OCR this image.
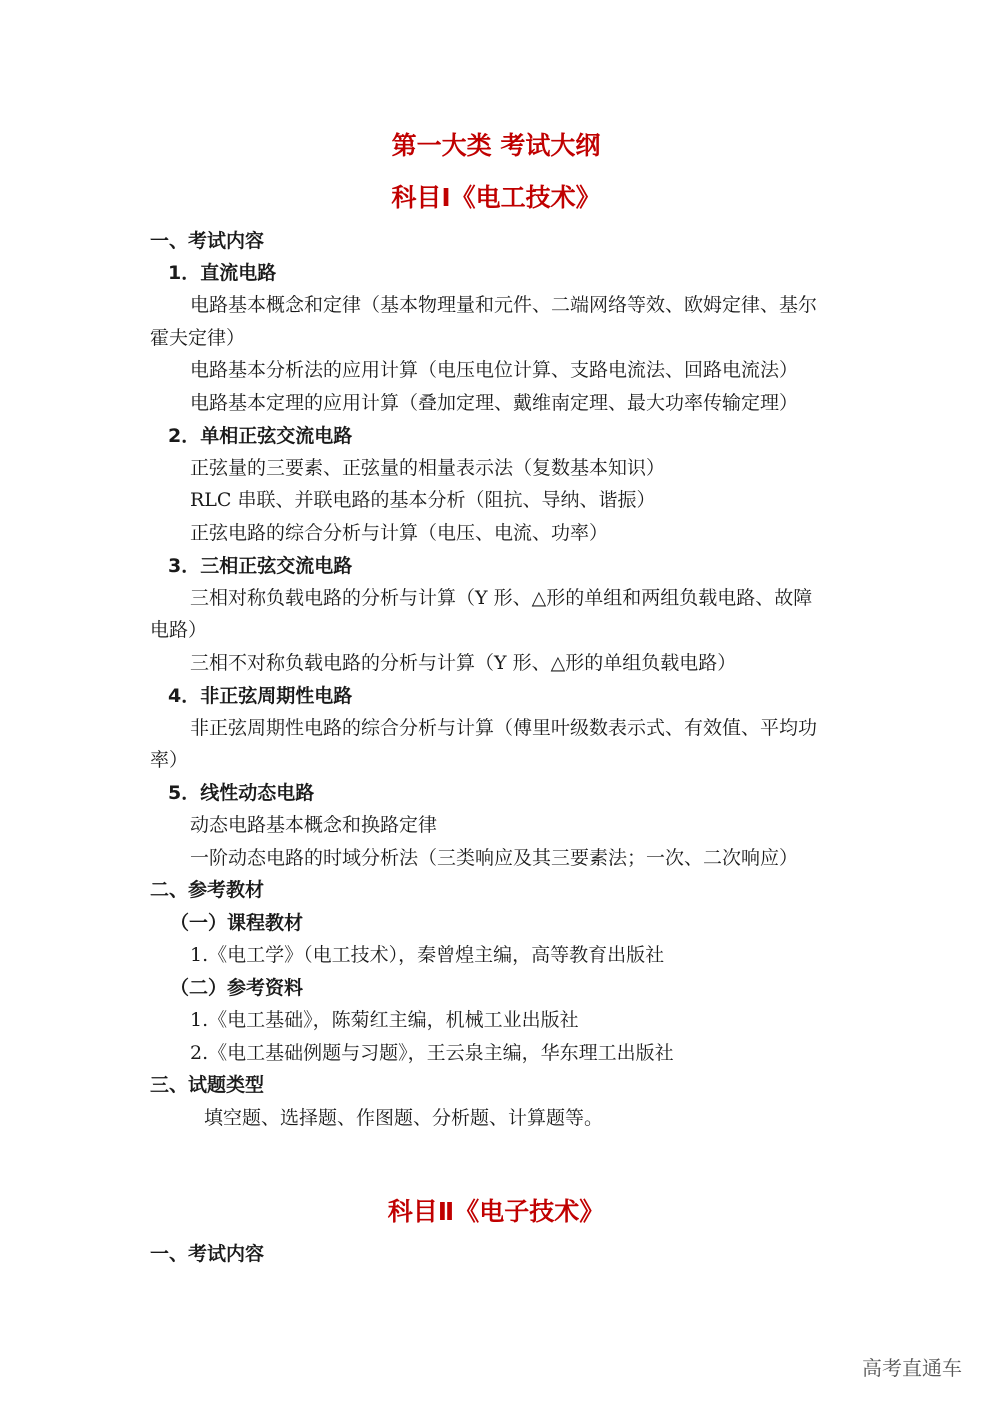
第一大类 考试大纲
科目Ⅰ《电工技术》
一、考试内容
1．直流电路
电路基本概念和定律（基本物理量和元件、二端网络等效、欧姆定律、基尔
霍夫定律）
电路基本分析法的应用计算（电压电位计算、支路电流法、回路电流法）
电路基本定理的应用计算（叠加定理、戴维南定理、最大功率传输定理）
2．单相正弦交流电路
正弦量的三要素、正弦量的相量表示法（复数基本知识）
RLC 串联、并联电路的基本分析（阻抗、导纳、谐振）
正弦电路的综合分析与计算（电压、电流、功率）
3．三相正弦交流电路
三相对称负载电路的分析与计算（Y 形、△形的单组和两组负载电路、故障
电路）
三相不对称负载电路的分析与计算（Y 形、△形的单组负载电路）
4．非正弦周期性电路
非正弦周期性电路的综合分析与计算（傅里叶级数表示式、有效值、平均功
率）
5．线性动态电路
动态电路基本概念和换路定律
一阶动态电路的时域分析法（三类响应及其三要素法；一次、二次响应）
二、参考教材
（一）课程教材
1.《电工学》（电工技术），秦曾煌主编，高等教育出版社
（二）参考资料
1.《电工基础》，陈菊红主编，机械工业出版社
2.《电工基础例题与习题》，王云泉主编，华东理工出版社
三、试题类型
填空题、选择题、作图题、分析题、计算题等。
科目Ⅱ《电子技术》
一、考试内容
高考直通车
